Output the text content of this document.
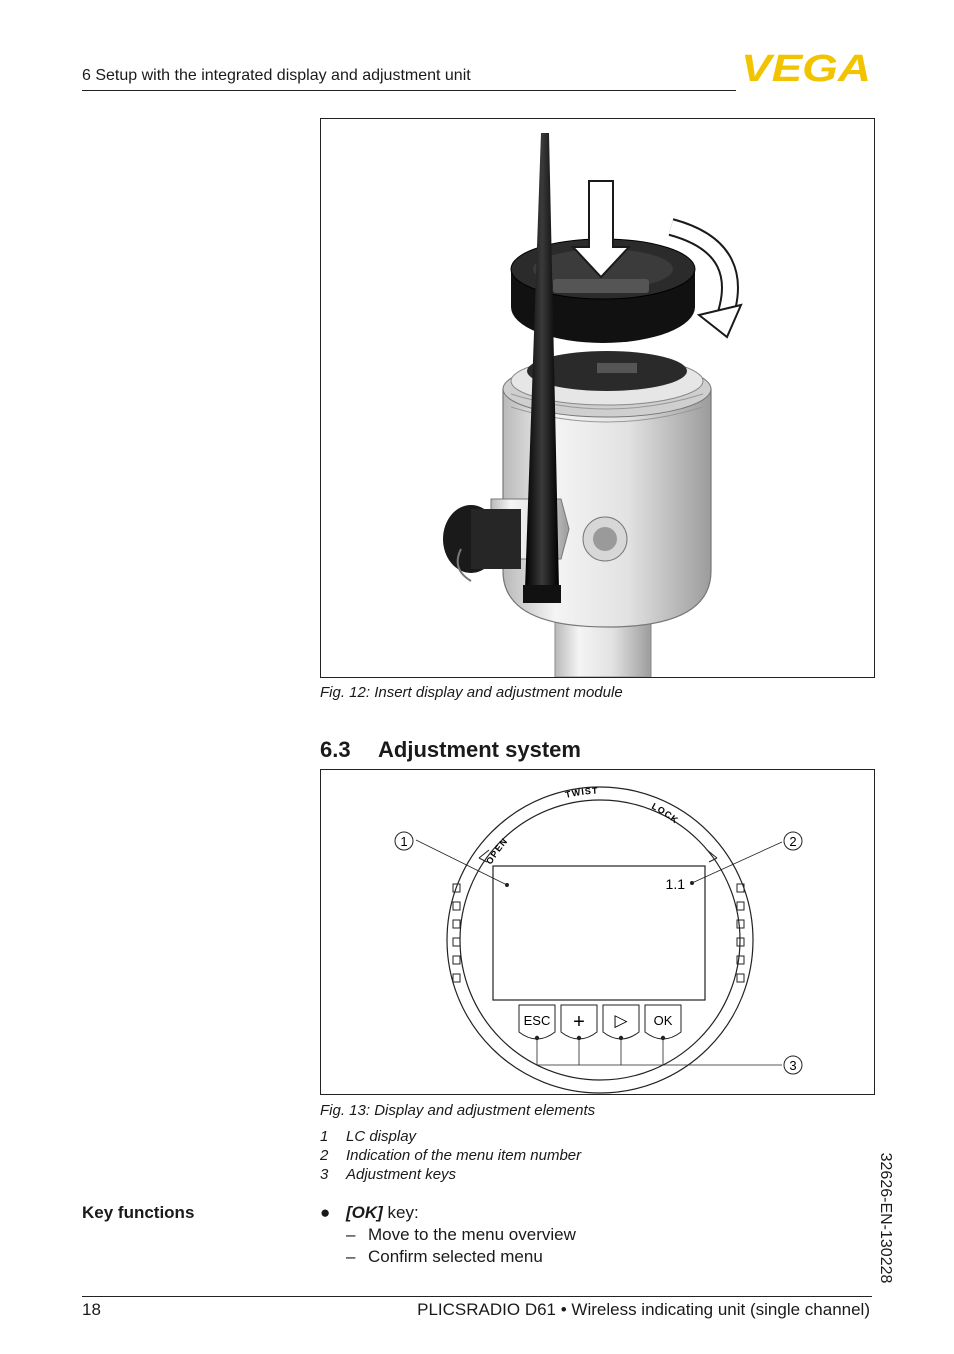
6 Setup with the integrated display and adjustment unit	VEGA
Fig. 12: Insert display and adjustment module
6.3 Adjustment system
OPEN
TWIST
LOCK
1.1
1	2
ESC + ▷ OK
3
Fig. 13: Display and adjustment elements
1 LC display
2 Indication of the menu item number
3 Adjustment keys
Key functions	● [OK] key:
– Move to the menu overview
– Confirm selected menu	32626-EN-130228
18	PLICSRADIO D61 • Wireless indicating unit (single channel)
